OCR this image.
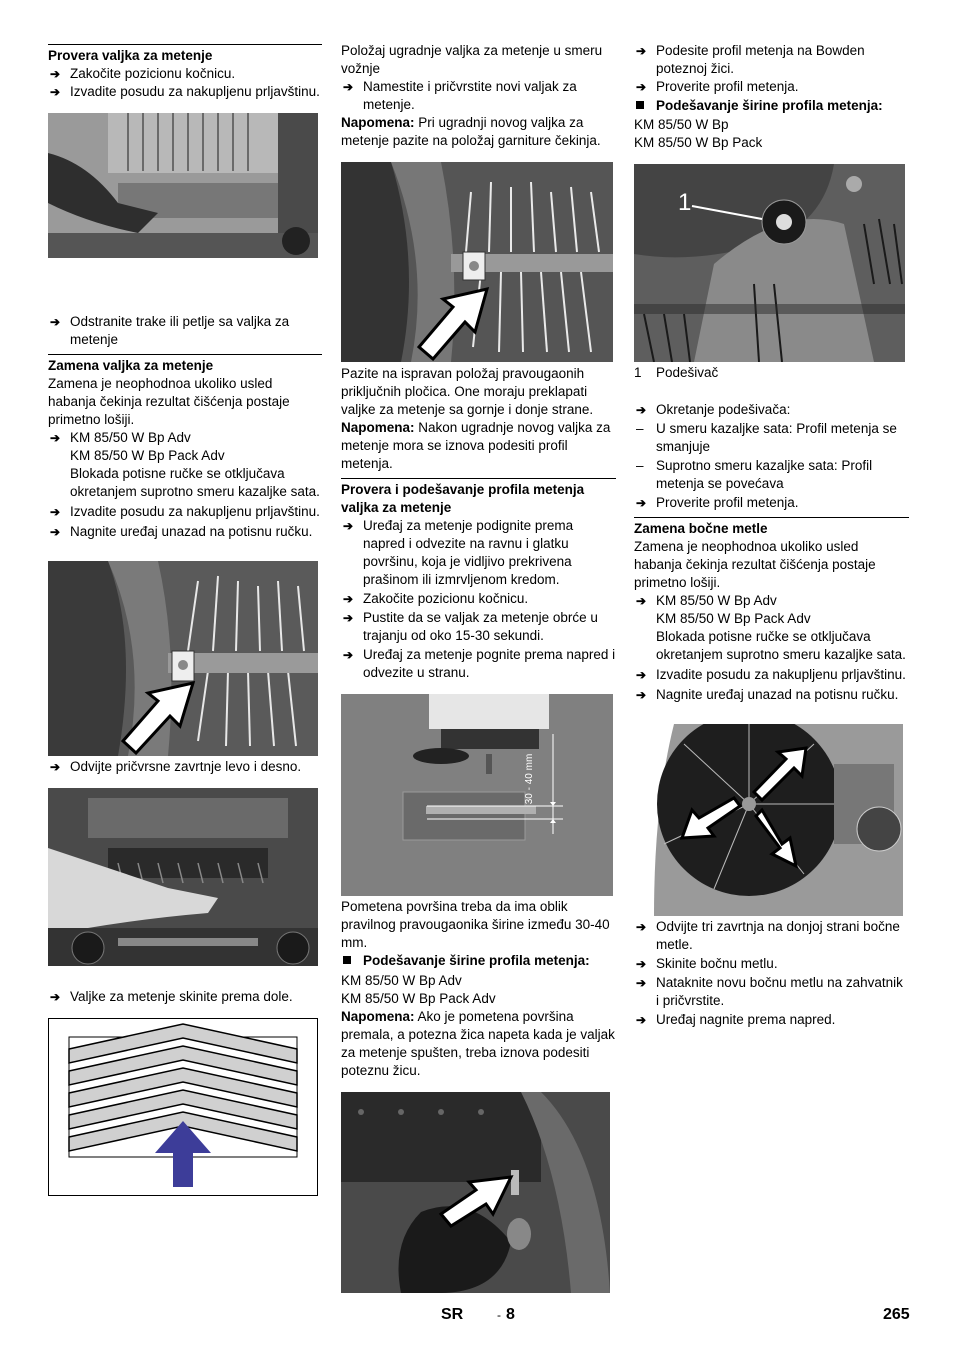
Provera valjka za metenje

➔ Zakočite pozicionu kočnicu.

➔ Izvadite posudu za nakupljenu prljavštinu.

➔ Odstranite trake ili petlje sa valjka za metenje

Zamena valjka za metenje

Zamena je neophodnoa ukoliko usled habanja čekinja rezultat čišćenja postaje primetno lošiji.

➔ KM 85/50 W Bp Adv

KM 85/50 W Bp Pack Adv

Blokada potisne ručke se otključava okretanjem suprotno smeru kazaljke sata.

➔ Izvadite posudu za nakupljenu prljavštinu.

➔ Nagnite uređaj unazad na potisnu ručku.

➔ Odvijte pričvrsne zavrtnje levo i desno.

➔ Valjke za metenje skinite prema dole.

Položaj ugradnje valjka za metenje u smeru vožnje

➔ Namestite i pričvrstite novi valjak za metenje.

Napomena: Pri ugradnji novog valjka za metenje pazite na položaj garniture čekinja.

Pazite na ispravan položaj pravougaonih priključnih pločica. One moraju preklapati valjke za metenje sa gornje i donje strane.

Napomena: Nakon ugradnje novog valjka za metenje mora se iznova podesiti profil metenja.

Provera i podešavanje profila metenja valjka za metenje

➔ Uređaj za metenje podignite prema napred i odvezite na ravnu i glatku površinu, koja je vidljivo prekrivena prašinom ili izmrvljenom kredom.

➔ Zakočite pozicionu kočnicu.

➔ Pustite da se valjak za metenje obrće u trajanju od oko 15-30 sekundi.

➔ Uređaj za metenje pognite prema napred i odvezite u stranu.

30 - 40 mm

Pometena površina treba da ima oblik pravilnog pravougaonika širine između 30-40 mm.

Podešavanje širine profila metenja:

KM 85/50 W Bp Adv

KM 85/50 W Bp Pack Adv

Napomena: Ako je pometena površina premala, a potezna žica napeta kada je valjak za metenje spušten, treba iznova podesiti poteznu žicu.

➔ Podesite profil metenja na Bowden poteznoj žici.

➔ Proverite profil metenja.

Podešavanje širine profila metenja:

KM 85/50 W Bp

KM 85/50 W Bp Pack

1
1 Podešivač

➔ Okretanje podešivača:

– U smeru kazaljke sata: Profil metenja se smanjuje

– Suprotno smeru kazaljke sata: Profil metenja se povećava

➔ Proverite profil metenja.

Zamena bočne metle

Zamena je neophodnoa ukoliko usled habanja čekinja rezultat čišćenja postaje primetno lošiji.

➔ KM 85/50 W Bp Adv

KM 85/50 W Bp Pack Adv

Blokada potisne ručke se otključava okretanjem suprotno smeru kazaljke sata.

➔ Izvadite posudu za nakupljenu prljavštinu.

➔ Nagnite uređaj unazad na potisnu ručku.

➔ Odvijte tri zavrtnja na donjoj strani bočne metle.

➔ Skinite bočnu metlu.

➔ Nataknite novu bočnu metlu na zahvatnik i pričvrstite.

➔ Uređaj nagnite prema napred.

SR	- 8	265
